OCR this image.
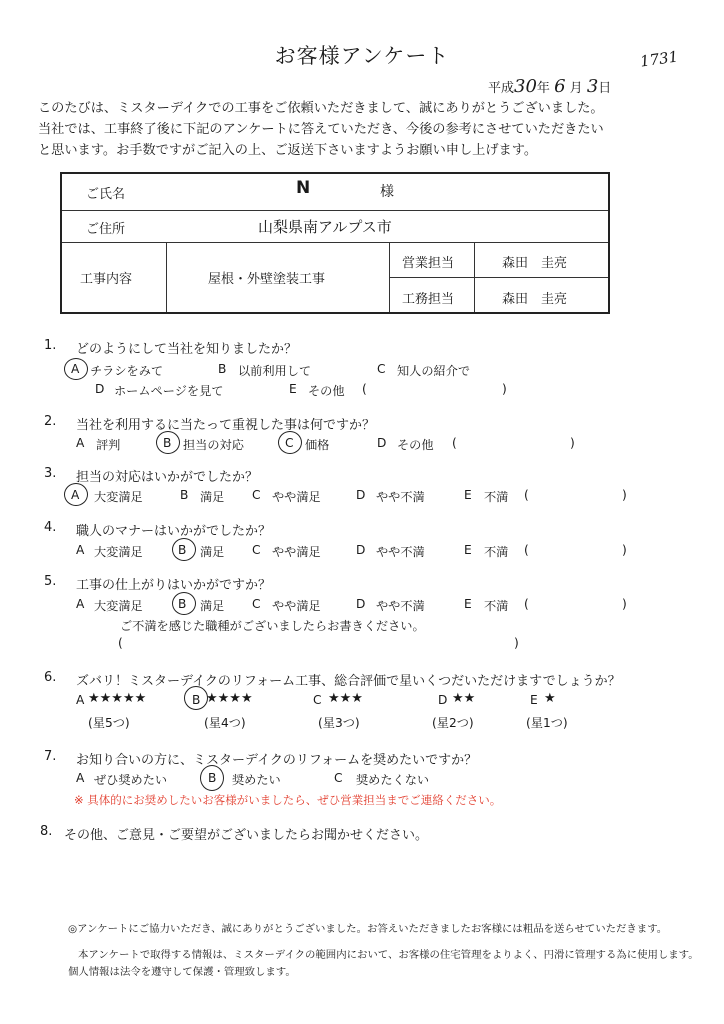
お客様アンケート	1731
平成30年 6 月 3日
このたびは、ミスターデイクでの工事をご依頼いただきまして、誠にありがとうございました。
当社では、工事終了後に下記のアンケートに答えていただき、今後の参考にさせていただきたい
と思います。お手数ですがご記入の上、ご返送下さいますようお願い申し上げます。
ご氏名	N	様
ご住所	山梨県南アルプス市
工事内容	屋根・外壁塗装工事
営業担当	森田　圭亮
工務担当	森田　圭亮
1. どのようにして当社を知りましたか？
A チラシをみて	B 以前利用して	C 知人の紹介で
D ホームページを見て	E その他 (	)
2. 当社を利用するに当たって重視した事は何ですか？
A 評判	B 担当の対応	C 価格	D その他 (	)
3. 担当の対応はいかがでしたか？
A 大変満足	B 満足 C やや満足	D やや不満	E 不満 (	)
4. 職人のマナーはいかがでしたか？
A 大変満足	B 満足 C やや満足	D やや不満	E 不満 (	)
5. 工事の仕上がりはいかがですか？
A 大変満足	B 満足 C やや満足	D やや不満	E 不満 (	)
ご不満を感じた職種がございましたらお書きください。
(	)
6. ズバリ！ミスターデイクのリフォーム工事、総合評価で星いくつだいただけますでしょうか？
A ★★★★★
(星5つ)
B ★★★★
(星4つ)
C ★★★
(星3つ)
D ★★
(星2つ)
E ★
(星1つ)
7. お知り合いの方に、ミスターデイクのリフォームを奨めたいですか？
A ぜひ奨めたい	B 奨めたい	C 奨めたくない
※ 具体的にお奨めしたいお客様がいましたら、ぜひ営業担当までご連絡ください。
8. その他、ご意見・ご要望がございましたらお聞かせください。
◎アンケートにご協力いただき、誠にありがとうございました。お答えいただきましたお客様には粗品を送らせていただきます。
本アンケートで取得する情報は、ミスターデイクの範囲内において、お客様の住宅管理をよりよく、円滑に管理する為に使用します。
個人情報は法令を遵守して保護・管理致します。
